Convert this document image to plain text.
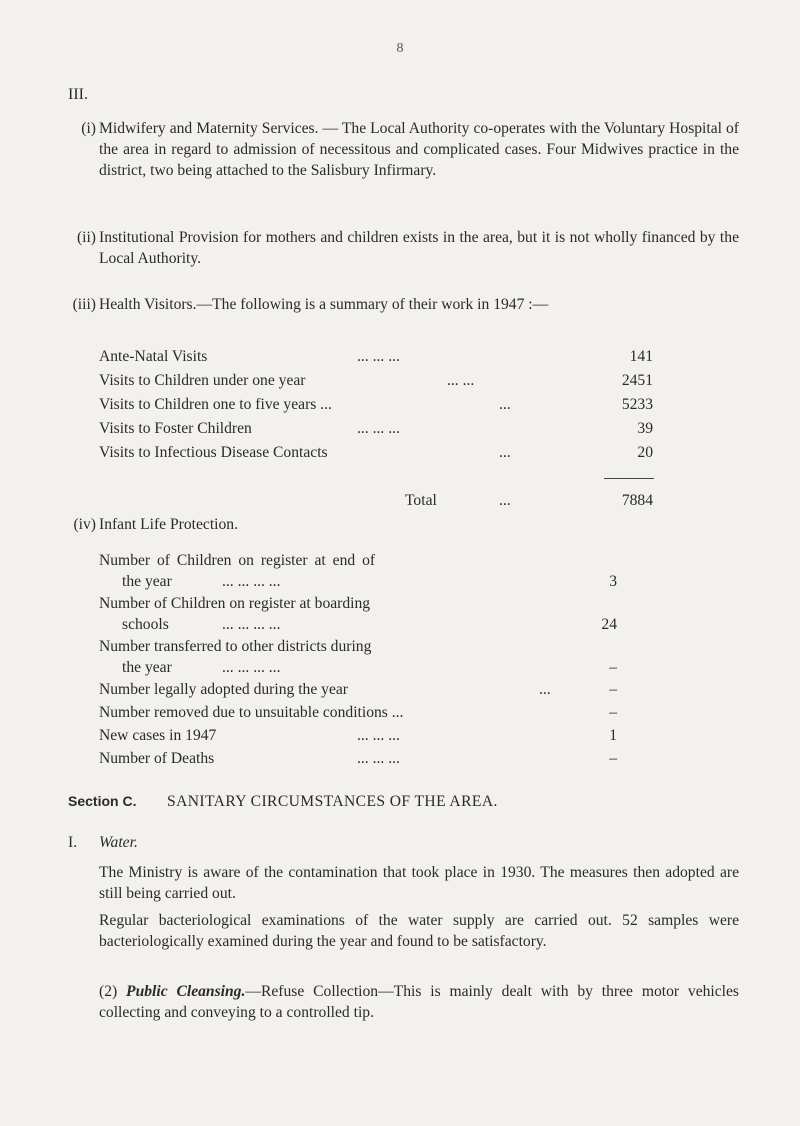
8
III.
(i) Midwifery and Maternity Services. — The Local Authority co-operates with the Voluntary Hospital of the area in regard to admission of necessitous and complicated cases. Four Midwives practice in the district, two being attached to the Salisbury Infirmary.
(ii) Institutional Provision for mothers and children exists in the area, but it is not wholly financed by the Local Authority.
(iii) Health Visitors.—The following is a summary of their work in 1947 :—
Ante-Natal Visits	... ... ...	141
Visits to Children under one year	... ...	2451
Visits to Children one to five years ...	...	5233
Visits to Foster Children	... ... ...	39
Visits to Infectious Disease Contacts	...	20
Total	...	7884
(iv) Infant Life Protection.
Number of Children on register at end of
the year	... ... ... ...	3
Number of Children on register at boarding
schools	... ... ... ...	24
Number transferred to other districts during
the year	... ... ... ...	–
Number legally adopted during the year	...	–
Number removed due to unsuitable conditions ...	–
New cases in 1947	... ... ...	1
Number of Deaths	... ... ...	–
Section C. SANITARY CIRCUMSTANCES OF THE AREA.
I. Water.
The Ministry is aware of the contamination that took place in 1930. The measures then adopted are still being carried out.
Regular bacteriological examinations of the water supply are carried out. 52 samples were bacteriologically examined during the year and found to be satisfactory.
(2) Public Cleansing.—Refuse Collection—This is mainly dealt with by three motor vehicles collecting and conveying to a controlled tip.
